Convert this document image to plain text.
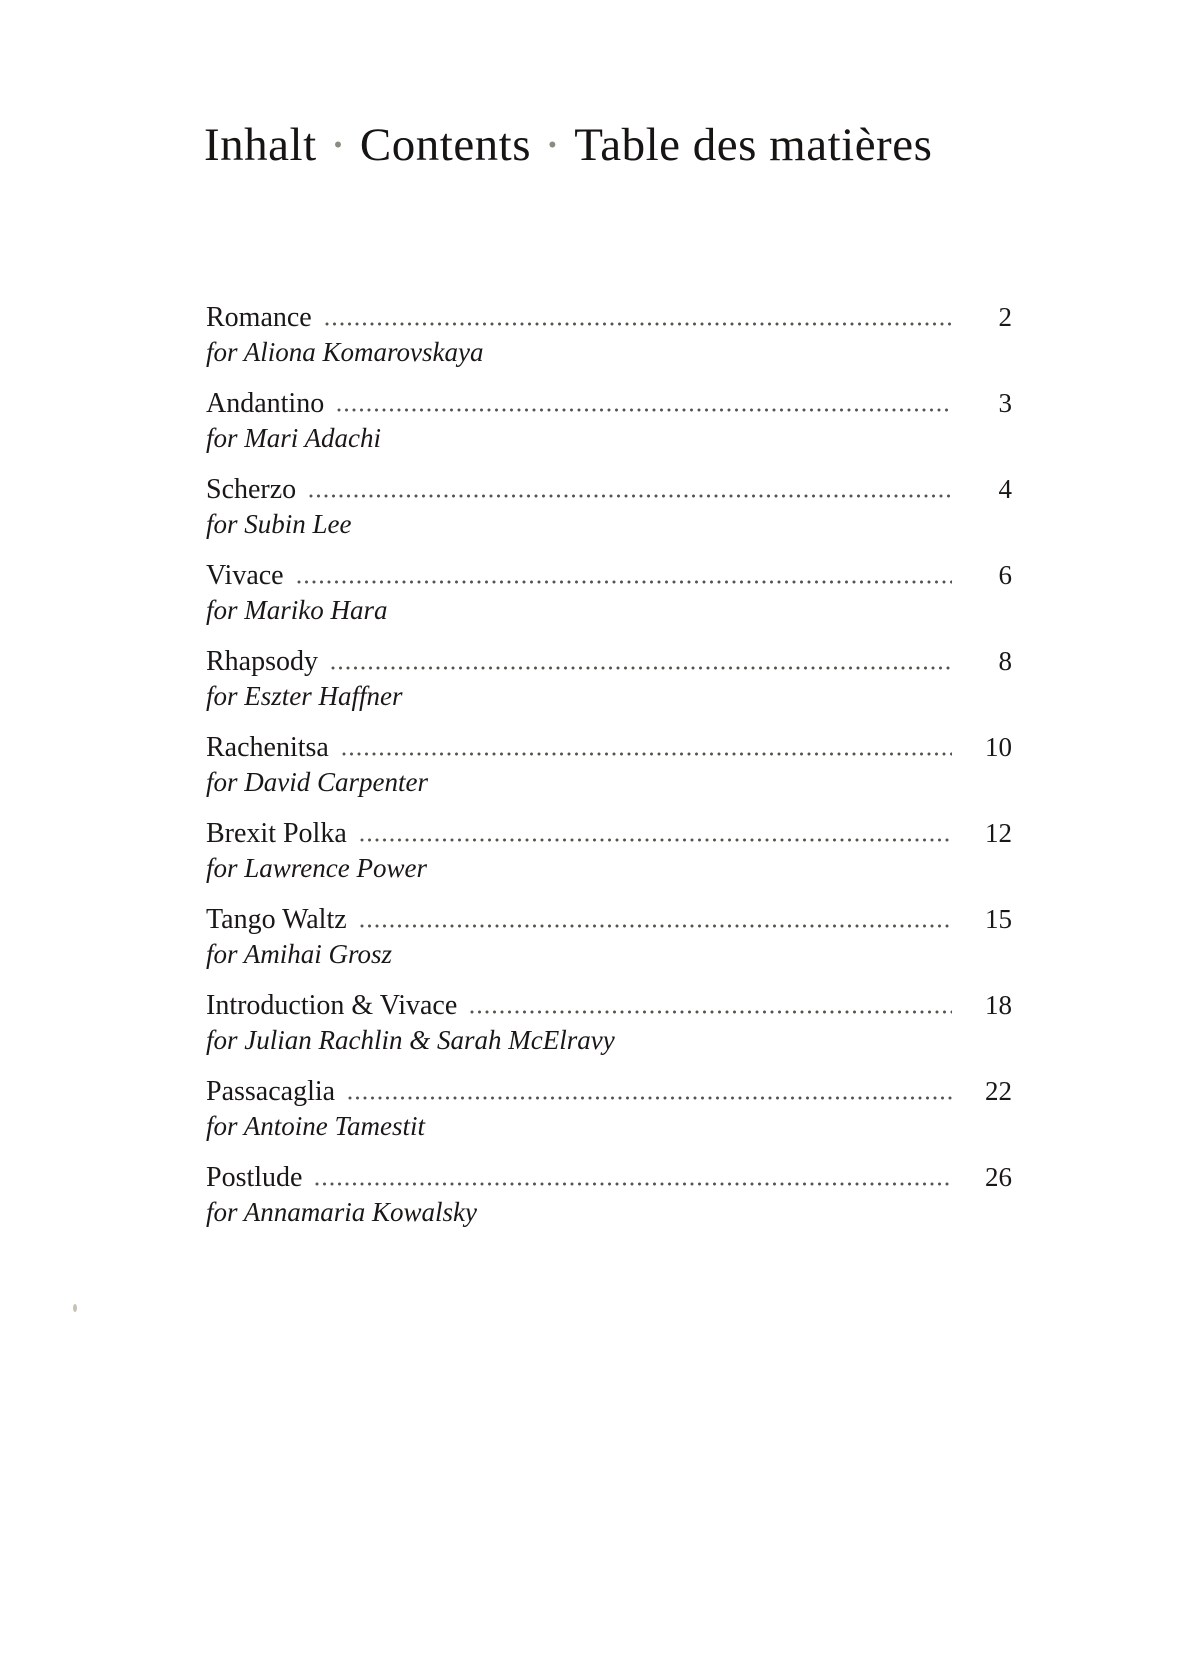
Inhalt • Contents • Table des matières
Romance	2
for Aliona Komarovskaya
Andantino	3
for Mari Adachi
Scherzo	4
for Subin Lee
Vivace	6
for Mariko Hara
Rhapsody	8
for Eszter Haffner
Rachenitsa	10
for David Carpenter
Brexit Polka	12
for Lawrence Power
Tango Waltz	15
for Amihai Grosz
Introduction & Vivace	18
for Julian Rachlin & Sarah McElravy
Passacaglia	22
for Antoine Tamestit
Postlude	26
for Annamaria Kowalsky
